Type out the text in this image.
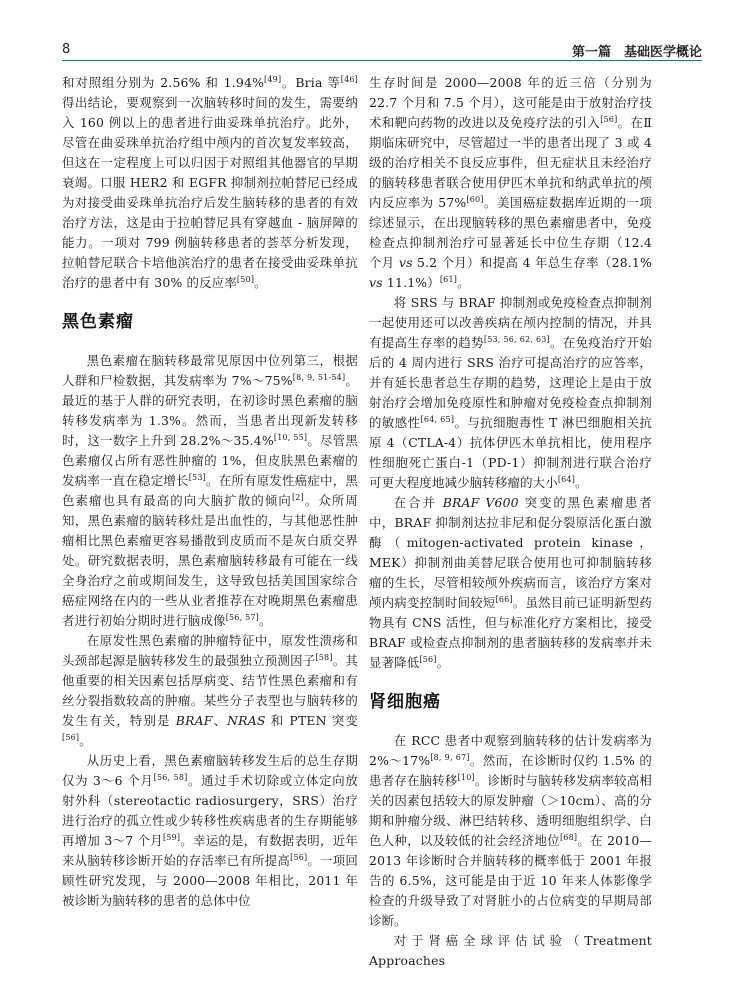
8	第一篇　基础医学概论

和对照组分别为 2.56% 和 1.94%[49]。Bria 等[46]得出结论，要观察到一次脑转移时间的发生，需要纳入 160 例以上的患者进行曲妥珠单抗治疗。此外，尽管在曲妥珠单抗治疗组中颅内的首次复发率较高，但这在一定程度上可以归因于对照组其他器官的早期衰竭。口服 HER2 和 EGFR 抑制剂拉帕替尼已经成为对接受曲妥珠单抗治疗后发生脑转移的患者的有效治疗方法，这是由于拉帕替尼具有穿越血 - 脑屏障的能力。一项对 799 例脑转移患者的荟萃分析发现，拉帕替尼联合卡培他滨治疗的患者在接受曲妥珠单抗治疗的患者中有 30% 的反应率[50]。

黑色素瘤

黑色素瘤在脑转移最常见原因中位列第三，根据人群和尸检数据，其发病率为 7%～75%[8, 9, 51-54]。最近的基于人群的研究表明，在初诊时黑色素瘤的脑转移发病率为 1.3%。然而，当患者出现新发转移时，这一数字上升到 28.2%～35.4%[10, 55]。尽管黑色素瘤仅占所有恶性肿瘤的 1%，但皮肤黑色素瘤的发病率一直在稳定增长[53]。在所有原发性癌症中，黑色素瘤也具有最高的向大脑扩散的倾向[2]。众所周知，黑色素瘤的脑转移灶是出血性的，与其他恶性肿瘤相比黑色素瘤更容易播散到皮质而不是灰白质交界处。研究数据表明，黑色素瘤脑转移最有可能在一线全身治疗之前或期间发生，这导致包括美国国家综合癌症网络在内的一些从业者推荐在对晚期黑色素瘤患者进行初始分期时进行脑成像[56, 57]。

在原发性黑色素瘤的肿瘤特征中，原发性溃疡和头颈部起源是脑转移发生的最强独立预测因子[58]。其他重要的相关因素包括厚病变、结节性黑色素瘤和有丝分裂指数较高的肿瘤。某些分子表型也与脑转移的发生有关，特别是 BRAF、NRAS 和 PTEN 突变[56]。

从历史上看，黑色素瘤脑转移发生后的总生存期仅为 3～6 个月[56, 58]。通过手术切除或立体定向放射外科（stereotactic radiosurgery，SRS）治疗进行治疗的孤立性或少转移性疾病患者的生存期能够再增加 3～7 个月[59]。幸运的是，有数据表明，近年来从脑转移诊断开始的存活率已有所提高[56]。一项回顾性研究发现，与 2000—2008 年相比，2011 年被诊断为脑转移的患者的总体中位

生存时间是 2000—2008 年的近三倍（分别为 22.7 个月和 7.5 个月），这可能是由于放射治疗技术和靶向药物的改进以及免疫疗法的引入[56]。在Ⅱ期临床研究中，尽管超过一半的患者出现了 3 或 4 级的治疗相关不良反应事件，但无症状且未经治疗的脑转移患者联合使用伊匹木单抗和纳武单抗的颅内反应率为 57%[60]。美国癌症数据库近期的一项综述显示，在出现脑转移的黑色素瘤患者中，免疫检查点抑制剂治疗可显著延长中位生存期（12.4 个月 vs 5.2 个月）和提高 4 年总生存率（28.1% vs 11.1%）[61]。

将 SRS 与 BRAF 抑制剂或免疫检查点抑制剂一起使用还可以改善疾病在颅内控制的情况，并具有提高生存率的趋势[53, 56, 62, 63]。在免疫治疗开始后的 4 周内进行 SRS 治疗可提高治疗的应答率，并有延长患者总生存期的趋势，这理论上是由于放射治疗会增加免疫原性和肿瘤对免疫检查点抑制剂的敏感性[64, 65]。与抗细胞毒性 T 淋巴细胞相关抗原 4（CTLA-4）抗体伊匹木单抗相比，使用程序性细胞死亡蛋白-1（PD-1）抑制剂进行联合治疗可更大程度地减少脑转移瘤的大小[64]。

在合并 BRAF V600 突变的黑色素瘤患者中，BRAF 抑制剂达拉非尼和促分裂原活化蛋白激酶（mitogen-activated protein kinase，MEK）抑制剂曲美替尼联合使用也可抑制脑转移瘤的生长，尽管相较颅外疾病而言，该治疗方案对颅内病变控制时间较短[66]。虽然目前已证明新型药物具有 CNS 活性，但与标准化疗方案相比，接受 BRAF 或检查点抑制剂的患者脑转移的发病率并未显著降低[56]。

肾细胞癌

在 RCC 患者中观察到脑转移的估计发病率为 2%～17%[8, 9, 67]。然而，在诊断时仅约 1.5% 的患者存在脑转移[10]。诊断时与脑转移发病率较高相关的因素包括较大的原发肿瘤（＞10cm）、高的分期和肿瘤分级、淋巴结转移、透明细胞组织学、白色人种，以及较低的社会经济地位[68]。在 2010—2013 年诊断时合并脑转移的概率低于 2001 年报告的 6.5%，这可能是由于近 10 年来人体影像学检查的升级导致了对肾脏小的占位病变的早期局部诊断。

对于肾癌全球评估试验（Treatment Approaches
